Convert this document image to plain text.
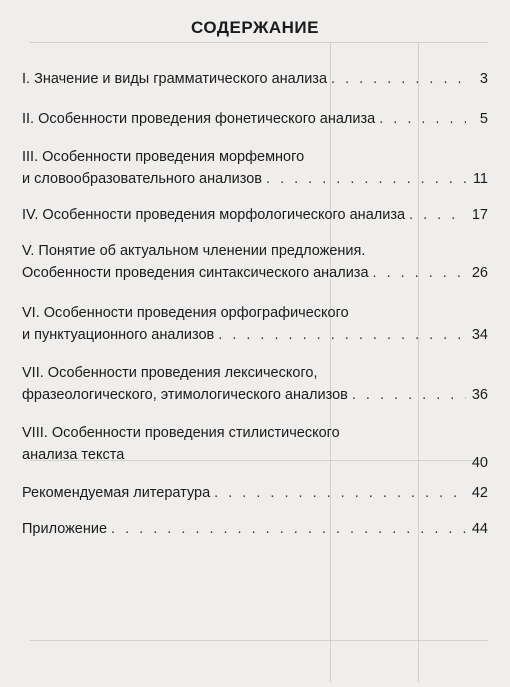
СОДЕРЖАНИЕ
I. Значение и виды грамматического анализа . . .	3
II. Особенности проведения фонетического анализа . . .	5
III. Особенности проведения морфемного
и словообразовательного анализов . . .	11
IV. Особенности проведения морфологического анализа . . .	17
V. Понятие об актуальном членении предложения.
Особенности проведения синтаксического анализа . . .	26
VI. Особенности проведения орфографического
и пунктуационного анализов . . .	34
VII. Особенности проведения лексического,
фразеологического, этимологического анализов . . .	36
VIII. Особенности проведения стилистического
анализа текста	40
Рекомендуемая литература . . .	42
Приложение . . .	44
